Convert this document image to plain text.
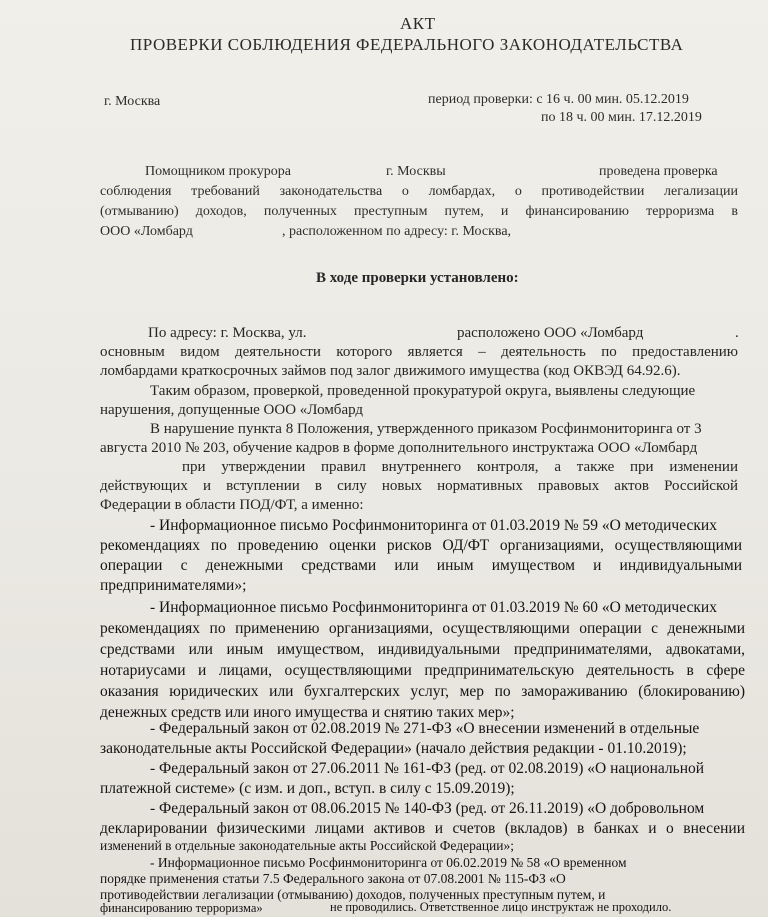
АКТ

ПРОВЕРКИ СОБЛЮДЕНИЯ ФЕДЕРАЛЬНОГО ЗАКОНОДАТЕЛЬСТВА

г. Москва	период проверки: с 16 ч. 00 мин. 05.12.2019

по 18 ч. 00 мин. 17.12.2019

Помощником прокурора	г. Москвы	проведена проверка

соблюдения требований законодательства о ломбардах, о противодействии легализации

(отмыванию) доходов, полученных преступным путем, и финансированию терроризма в

ООО «Ломбард	, расположенном по адресу: г. Москва,

В ходе проверки установлено:

По адресу: г. Москва, ул.	расположено ООО «Ломбард	.

основным видом деятельности которого является – деятельность по предоставлению

ломбардами краткосрочных займов под залог движимого имущества (код ОКВЭД 64.92.6).

Таким образом, проверкой, проведенной прокуратурой округа, выявлены следующие

нарушения, допущенные ООО «Ломбард

В нарушение пункта 8 Положения, утвержденного приказом Росфинмониторинга от 3

августа 2010 № 203, обучение кадров в форме дополнительного инструктажа ООО «Ломбард

при утверждении правил внутреннего контроля, а также при изменении

действующих и вступлении в силу новых нормативных правовых актов Российской

Федерации в области ПОД/ФТ, а именно:

- Информационное письмо Росфинмониторинга от 01.03.2019 № 59 «О методических

рекомендациях по проведению оценки рисков ОД/ФТ организациями, осуществляющими

операции с денежными средствами или иным имуществом и индивидуальными

предпринимателями»;

- Информационное письмо Росфинмониторинга от 01.03.2019 № 60 «О методических

рекомендациях по применению организациями, осуществляющими операции с денежными

средствами или иным имуществом, индивидуальными предпринимателями, адвокатами,

нотариусами и лицами, осуществляющими предпринимательскую деятельность в сфере

оказания юридических или бухгалтерских услуг, мер по замораживанию (блокированию)

денежных средств или иного имущества и снятию таких мер»;

- Федеральный закон от 02.08.2019 № 271-ФЗ «О внесении изменений в отдельные

законодательные акты Российской Федерации» (начало действия редакции - 01.10.2019);

- Федеральный закон от 27.06.2011 № 161-ФЗ (ред. от 02.08.2019) «О национальной

платежной системе» (с изм. и доп., вступ. в силу с 15.09.2019);

- Федеральный закон от 08.06.2015 № 140-ФЗ (ред. от 26.11.2019) «О добровольном

декларировании физическими лицами активов и счетов (вкладов) в банках и о внесении

изменений в отдельные законодательные акты Российской Федерации»;

- Информационное письмо Росфинмониторинга от 06.02.2019 № 58 «О временном

порядке применения статьи 7.5 Федерального закона от 07.08.2001 № 115-ФЗ «О

противодействии легализации (отмыванию) доходов, полученных преступным путем, и

финансированию терроризма»	не проводились. Ответственное лицо инструктаж не проходило.
